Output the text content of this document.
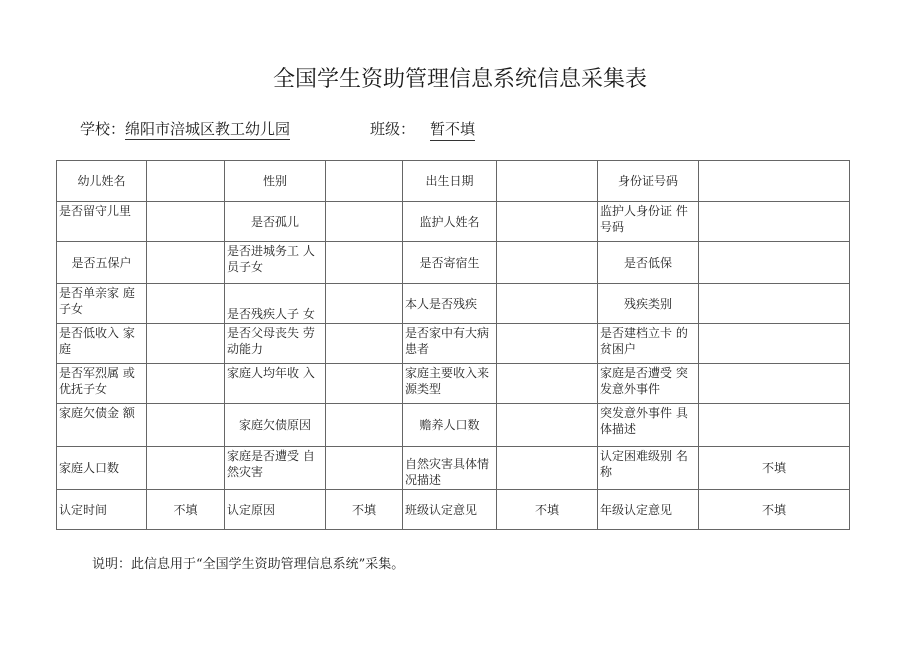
全国学生资助管理信息系统信息采集表
学校：绵阳市涪城区教工幼儿园	班级： 暂不填
幼儿姓名		性别		出生日期		身份证号码	
是否留守儿里		是否孤儿		监护人姓名		监护人身份证 件号码	
是否五保户		是否进城务工 人员子女		是否寄宿生		是否低保	
是否单亲家 庭子女		是否残疾人子 女		本人是否残疾		残疾类别	
是否低收入 家庭		是否父母丧失 劳动能力		是否家中有大病患者		是否建档立卡 的贫困户	
是否军烈属 或优抚子女		家庭人均年收 入		家庭主要收入来源类型		家庭是否遭受 突发意外事件	
家庭欠债金 额		家庭欠债原因		赡养人口数		突发意外事件 具体描述	
家庭人口数		家庭是否遭受 自然灾害		自然灾害具体情况描述		认定困难级别 名称	不填
认定时间	不填	认定原因	不填	班级认定意见	不填	年级认定意见	不填
说明：此信息用于“全国学生资助管理信息系统”采集。
